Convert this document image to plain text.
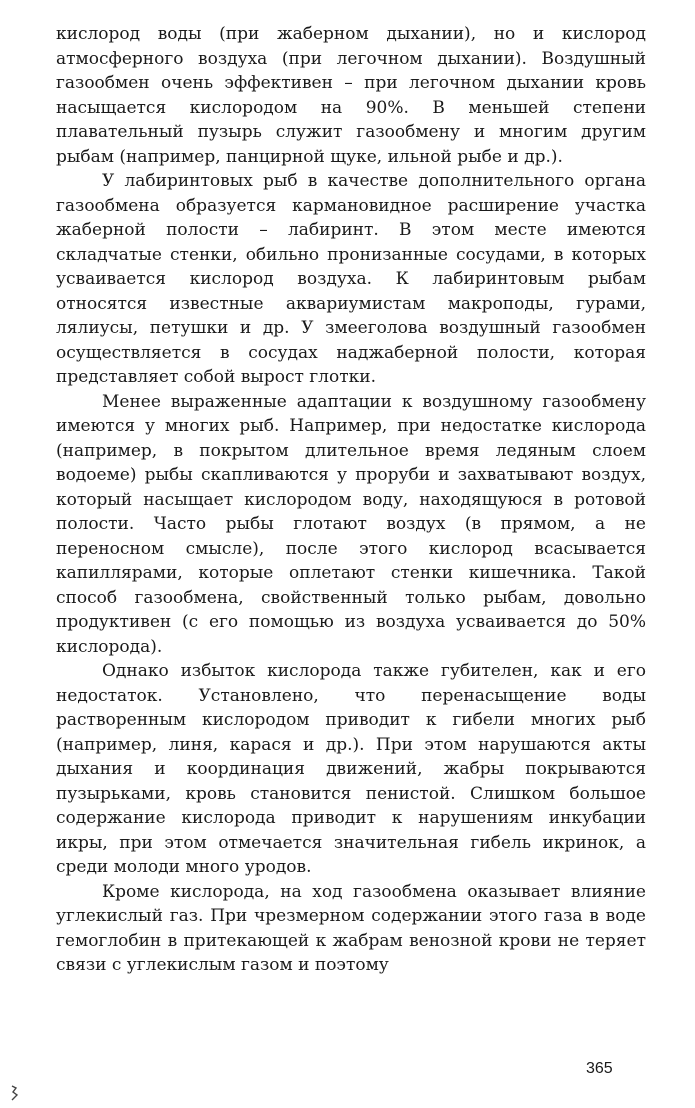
кислород воды (при жаберном дыхании), но и кислород атмосферного воздуха (при легочном дыхании). Воздушный газообмен очень эффективен – при легочном дыхании кровь насыщается кислородом на 90%. В меньшей степени плавательный пузырь служит газообмену и многим другим рыбам (например, панцирной щуке, ильной рыбе и др.).

У лабиринтовых рыб в качестве дополнительного органа газообмена образуется кармановидное расширение участка жаберной полости – лабиринт. В этом месте имеются складчатые стенки, обильно пронизанные сосудами, в которых усваивается кислород воздуха. К лабиринтовым рыбам относятся известные аквариумистам макроподы, гурами, лялиусы, петушки и др. У змееголова воздушный газообмен осуществляется в сосудах наджаберной полости, которая представляет собой вырост глотки.

Менее выраженные адаптации к воздушному газообмену имеются у многих рыб. Например, при недостатке кислорода (например, в покрытом длительное время ледяным слоем водоеме) рыбы скапливаются у проруби и захватывают воздух, который насыщает кислородом воду, находящуюся в ротовой полости. Часто рыбы глотают воздух (в прямом, а не переносном смысле), после этого кислород всасывается капиллярами, которые оплетают стенки кишечника. Такой способ газообмена, свойственный только рыбам, довольно продуктивен (с его помощью из воздуха усваивается до 50% кислорода).

Однако избыток кислорода также губителен, как и его недостаток. Установлено, что перенасыщение воды растворенным кислородом приводит к гибели многих рыб (например, линя, карася и др.). При этом нарушаются акты дыхания и координация движений, жабры покрываются пузырьками, кровь становится пенистой. Слишком большое содержание кислорода приводит к нарушениям инкубации икры, при этом отмечается значительная гибель икринок, а среди молоди много уродов.

Кроме кислорода, на ход газообмена оказывает влияние углекислый газ. При чрезмерном содержании этого газа в воде гемоглобин в притекающей к жабрам венозной крови не теряет связи с углекислым газом и поэтому

365
